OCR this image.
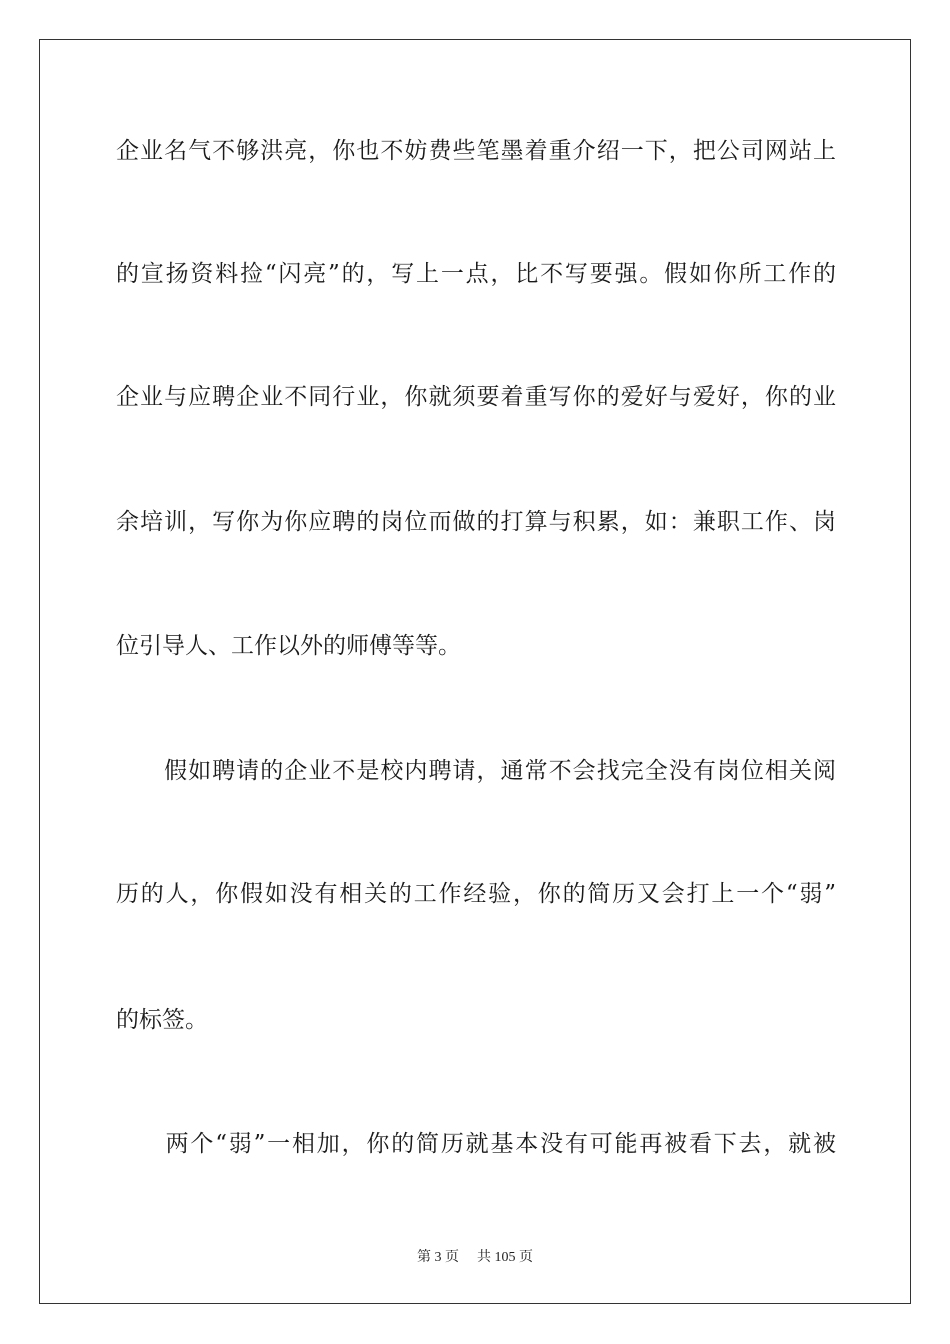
企业名气不够洪亮，你也不妨费些笔墨着重介绍一下，把公司网站上
的宣扬资料捡“闪亮”的，写上一点，比不写要强。假如你所工作的
企业与应聘企业不同行业，你就须要着重写你的爱好与爱好，你的业
余培训，写你为你应聘的岗位而做的打算与积累，如：兼职工作、岗
位引导人、工作以外的师傅等等。
　　假如聘请的企业不是校内聘请，通常不会找完全没有岗位相关阅
历的人，你假如没有相关的工作经验，你的简历又会打上一个“弱”
的标签。
　　两个“弱”一相加，你的简历就基本没有可能再被看下去，就被
第 3 页 共 105 页
